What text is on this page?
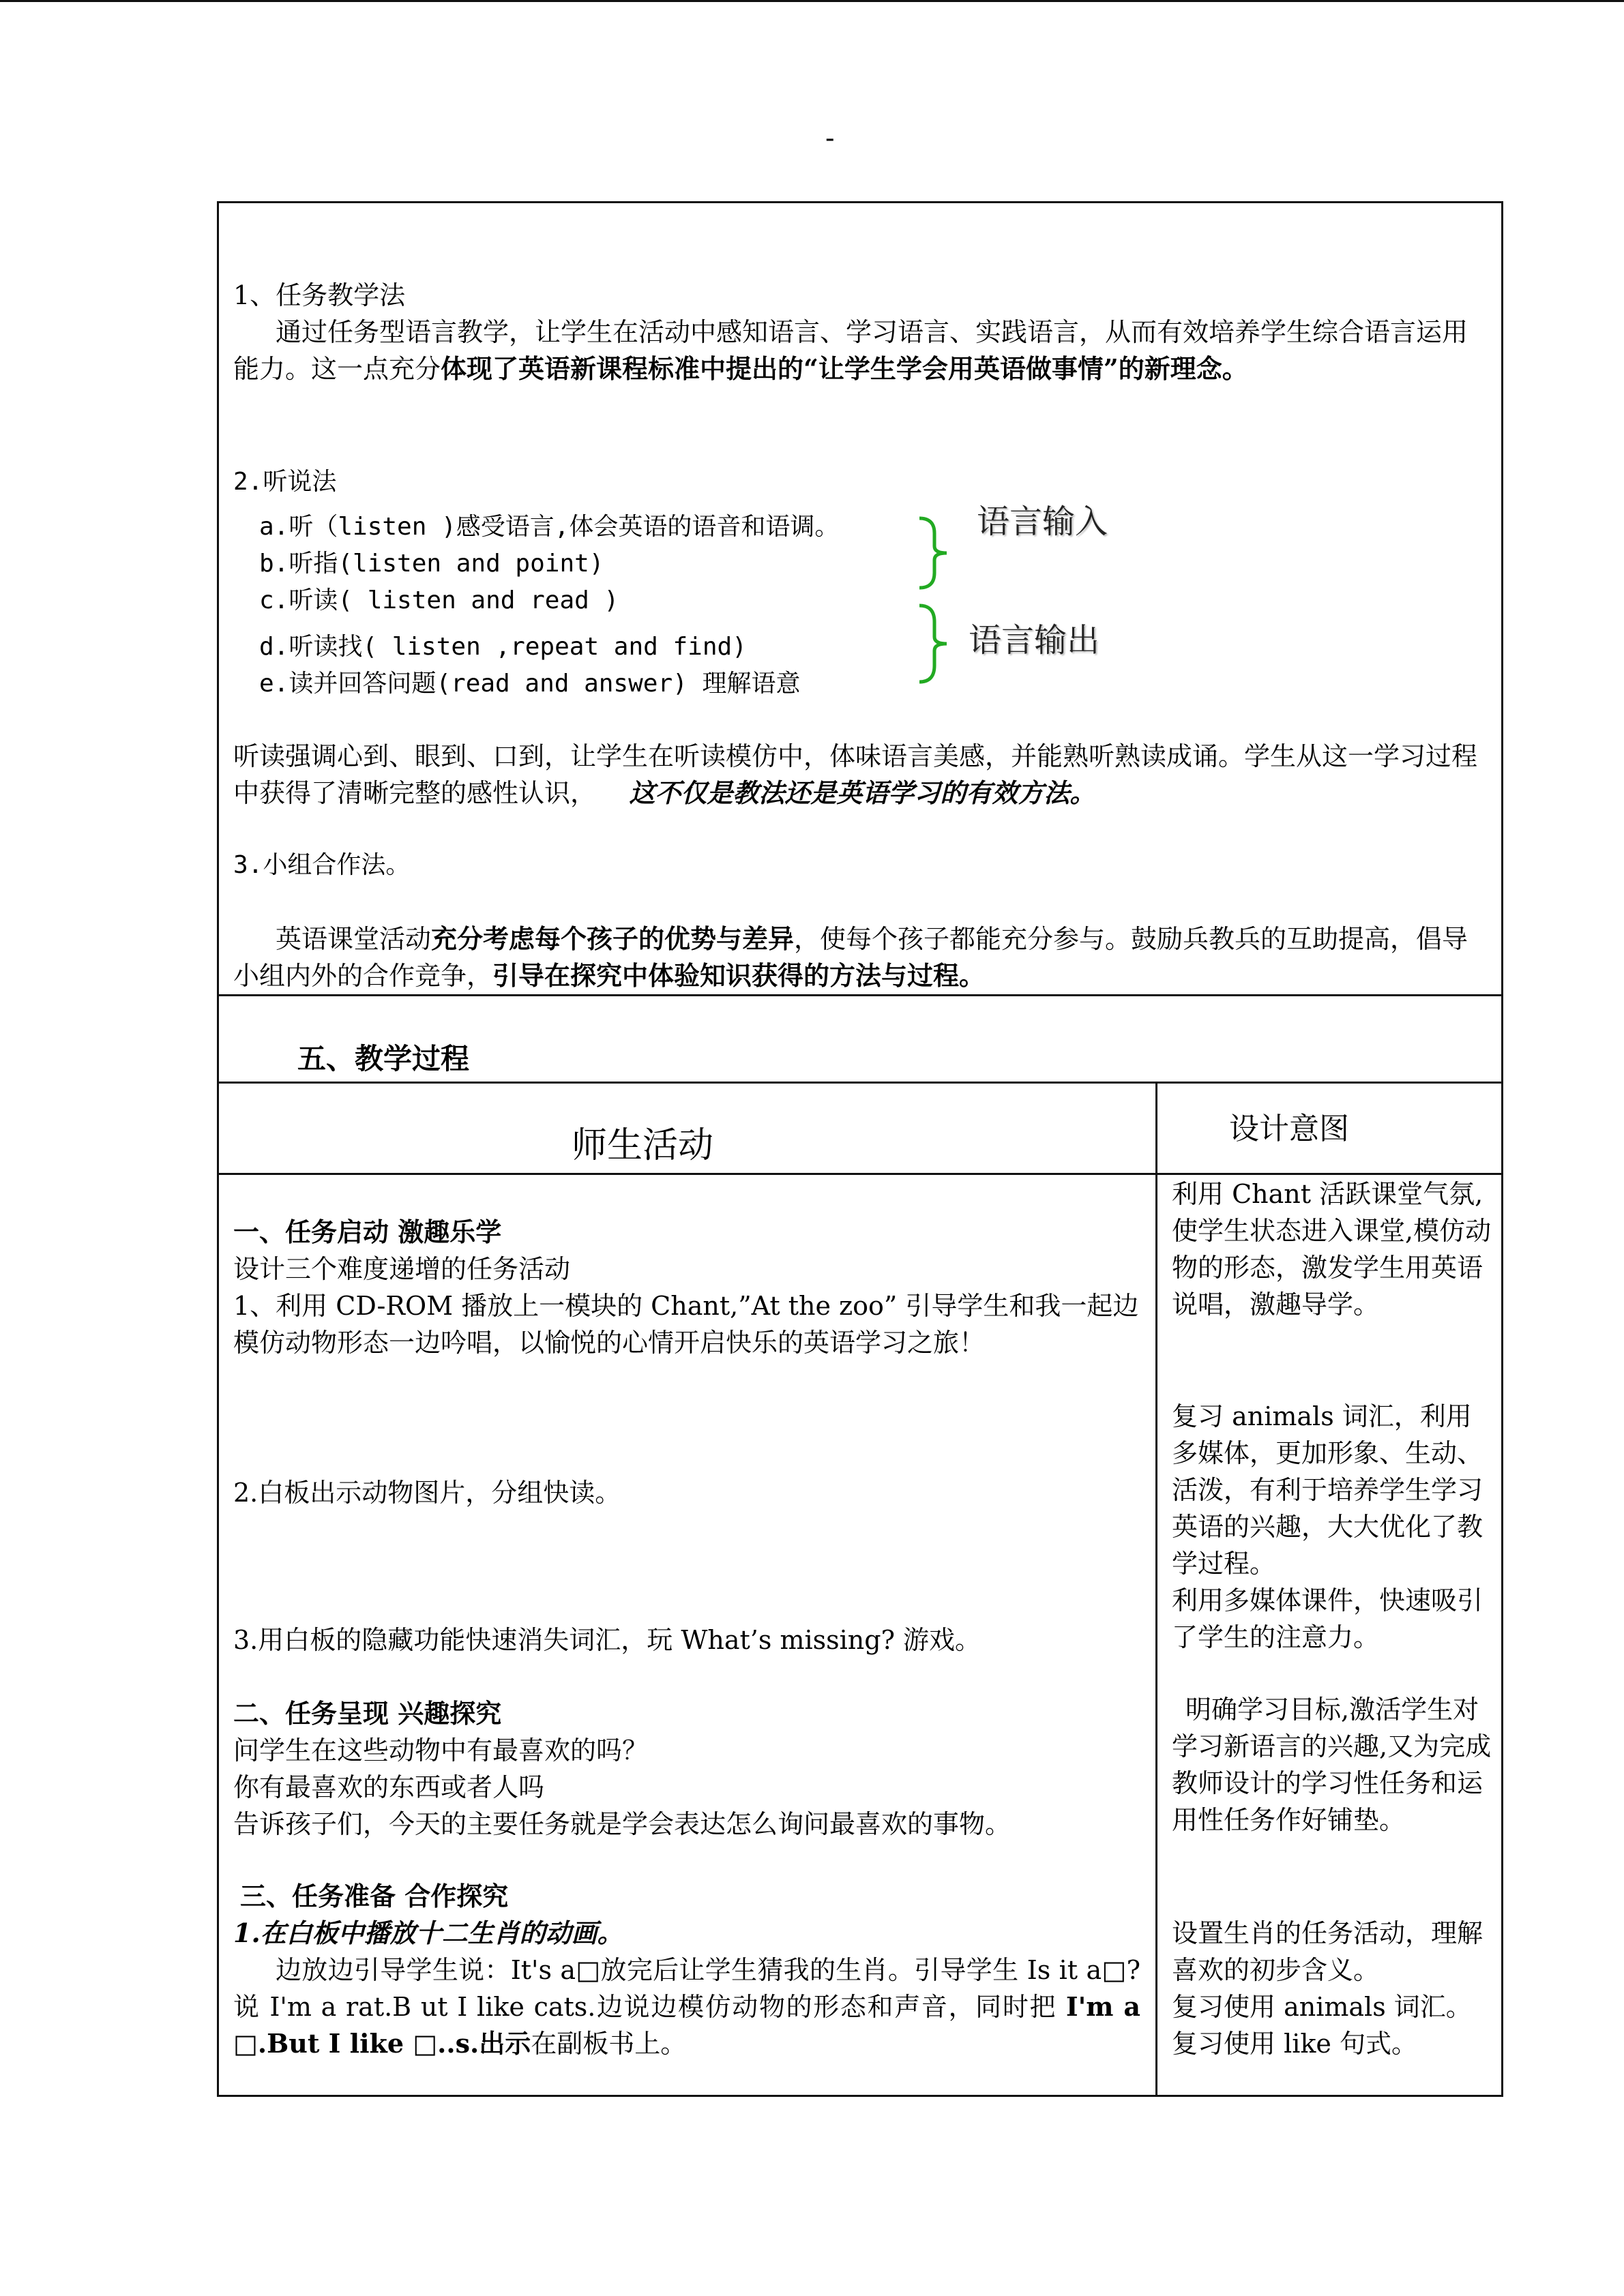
-
1、任务教学法
通过任务型语言教学，让学生在活动中感知语言、学习语言、实践语言，从而有效培养学生综合语言运用能力。这一点充分体现了英语新课程标准中提出的“让学生学会用英语做事情”的新理念。
2.听说法
a.听（listen )感受语言,体会英语的语音和语调。
b.听指(listen and point)
c.听读( listen and read )
d.听读找( listen ,repeat and find)
e.读并回答问题(read and answer) 理解语意
语言输入
语言输出
听读强调心到、眼到、口到，让学生在听读模仿中，体味语言美感，并能熟听熟读成诵。学生从这一学习过程中获得了清晰完整的感性认识， 这不仅是教法还是英语学习的有效方法。
3.小组合作法。
英语课堂活动充分考虑每个孩子的优势与差异，使每个孩子都能充分参与。鼓励兵教兵的互助提高，倡导小组内外的合作竞争，引导在探究中体验知识获得的方法与过程。
五、教学过程
师生活动	设计意图
一、任务启动 激趣乐学
设计三个难度递增的任务活动
1、利用 CD-ROM 播放上一模块的 Chant,”At the zoo” 引导学生和我一起边模仿动物形态一边吟唱，以愉悦的心情开启快乐的英语学习之旅！
2.白板出示动物图片，分组快读。
3.用白板的隐藏功能快速消失词汇，玩 What’s missing? 游戏。
二、任务呈现 兴趣探究
问学生在这些动物中有最喜欢的吗？
你有最喜欢的东西或者人吗
告诉孩子们，今天的主要任务就是学会表达怎么询问最喜欢的事物。
三、任务准备 合作探究
1.在白板中播放十二生肖的动画。
边放边引导学生说：It's a□放完后让学生猜我的生肖。引导学生 Is it a□?说 I'm a rat.B ut I like cats.边说边模仿动物的形态和声音，同时把 I'm a □.But I like □..s.出示在副板书上。
利用 Chant 活跃课堂气氛,使学生状态进入课堂,模仿动物的形态，激发学生用英语说唱，激趣导学。
复习 animals 词汇，利用多媒体，更加形象、生动、活泼，有利于培养学生学习英语的兴趣，大大优化了教学过程。
利用多媒体课件，快速吸引了学生的注意力。
明确学习目标,激活学生对学习新语言的兴趣,又为完成教师设计的学习性任务和运用性任务作好铺垫。
设置生肖的任务活动，理解喜欢的初步含义。
复习使用 animals 词汇。
复习使用 like 句式。
